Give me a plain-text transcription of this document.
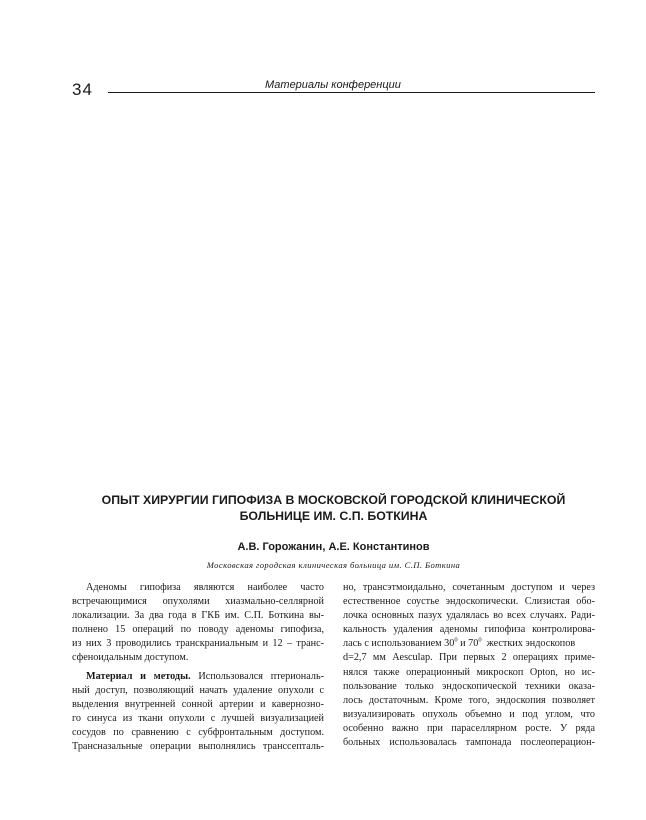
34	Материалы конференции
ОПЫТ ХИРУРГИИ ГИПОФИЗА В МОСКОВСКОЙ ГОРОДСКОЙ КЛИНИЧЕСКОЙ
БОЛЬНИЦЕ ИМ. С.П. БОТКИНА
А.В. Горожанин, А.Е. Константинов
Московская городская клиническая больница им. С.П. Боткина
Аденомы гипофиза являются наиболее часто
встречающимися опухолями хиазмально-селлярной
локализации. За два года в ГКБ им. С.П. Боткина вы-
полнено 15 операций по поводу аденомы гипофиза,
из них 3 проводились транскраниальным и 12 – транс-
сфеноидальным доступом.
Материал и методы. Использовался птериональ-
ный доступ, позволяющий начать удаление опухоли с
выделения внутренней сонной артерии и кавернозно-
го синуса из ткани опухоли с лучшей визуализацией
сосудов по сравнению с субфронтальным доступом.
Трансназальные операции выполнялись транссепталь-
но, трансэтмоидально, сочетанным доступом и через
естественное соустье эндоскопически. Слизистая обо-
лочка основных пазух удалялась во всех случаях. Ради-
кальность удаления аденомы гипофиза контролирова-
лась с использованием $30^0$ и $70^0$  жестких эндоскопов
d=2,7 мм Aesculap. При первых 2 операциях приме-
нялся также операционный микроскоп Opton, но ис-
пользование только эндоскопической техники оказа-
лось достаточным. Кроме того, эндоскопия позволяет
визуализировать опухоль объемно и под углом, что
особенно важно при параселлярном росте. У ряда
больных использовалась тампонада послеоперацион-
